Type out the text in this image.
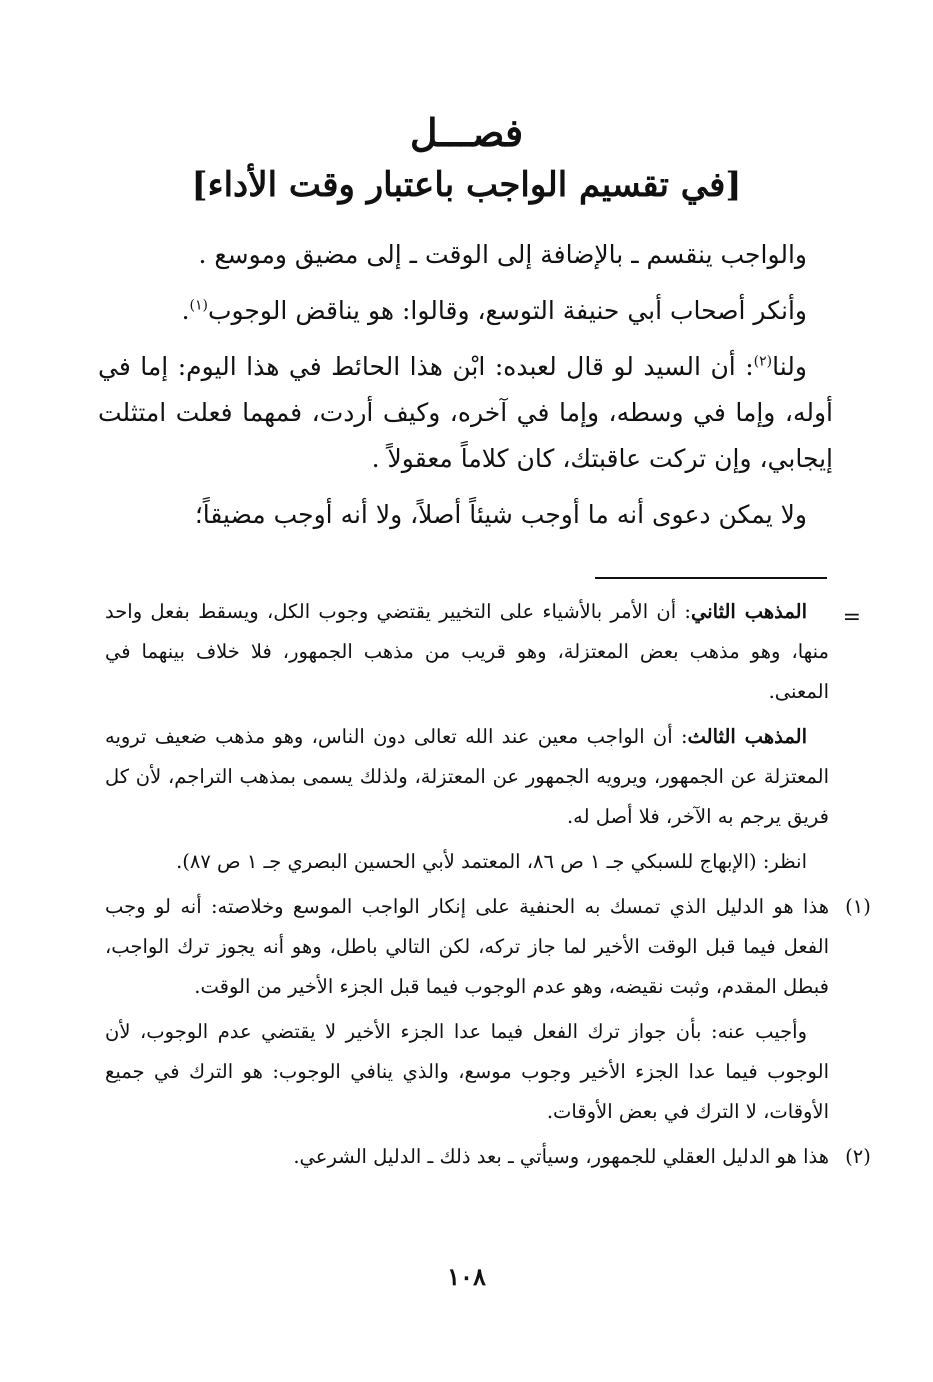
فصـــل
[في تقسيم الواجب باعتبار وقت الأداء]

والواجب ينقسم ـ بالإضافة إلى الوقت ـ إلى مضيق وموسع .

وأنكر أصحاب أبي حنيفة التوسع، وقالوا: هو يناقض الوجوب$^{(١)}$.

ولنا$^{(٢)}$: أن السيد لو قال لعبده: ابْن هذا الحائط في هذا اليوم: إما في أوله، وإما في وسطه، وإما في آخره، وكيف أردت، فمهما فعلت امتثلت إيجابي، وإن تركت عاقبتك، كان كلاماً معقولاً .

ولا يمكن دعوى أنه ما أوجب شيئاً أصلاً، ولا أنه أوجب مضيقاً؛

=

المذهب الثاني: أن الأمر بالأشياء على التخيير يقتضي وجوب الكل، ويسقط بفعل واحد منها، وهو مذهب بعض المعتزلة، وهو قريب من مذهب الجمهور، فلا خلاف بينهما في المعنى.

المذهب الثالث: أن الواجب معين عند الله تعالى دون الناس، وهو مذهب ضعيف ترويه المعتزلة عن الجمهور، ويرويه الجمهور عن المعتزلة، ولذلك يسمى بمذهب التراجم، لأن كل فريق يرجم به الآخر، فلا أصل له.

انظر: (الإبهاج للسبكي جـ ١ ص ٨٦، المعتمد لأبي الحسين البصري جـ ١ ص ٨٧).

(١)
هذا هو الدليل الذي تمسك به الحنفية على إنكار الواجب الموسع وخلاصته: أنه لو وجب الفعل فيما قبل الوقت الأخير لما جاز تركه، لكن التالي باطل، وهو أنه يجوز ترك الواجب، فبطل المقدم، وثبت نقيضه، وهو عدم الوجوب فيما قبل الجزء الأخير من الوقت.

وأجيب عنه: بأن جواز ترك الفعل فيما عدا الجزء الأخير لا يقتضي عدم الوجوب، لأن الوجوب فيما عدا الجزء الأخير وجوب موسع، والذي ينافي الوجوب: هو الترك في جميع الأوقات، لا الترك في بعض الأوقات.

(٢)
هذا هو الدليل العقلي للجمهور، وسيأتي ـ بعد ذلك ـ الدليل الشرعي.

١٠٨
